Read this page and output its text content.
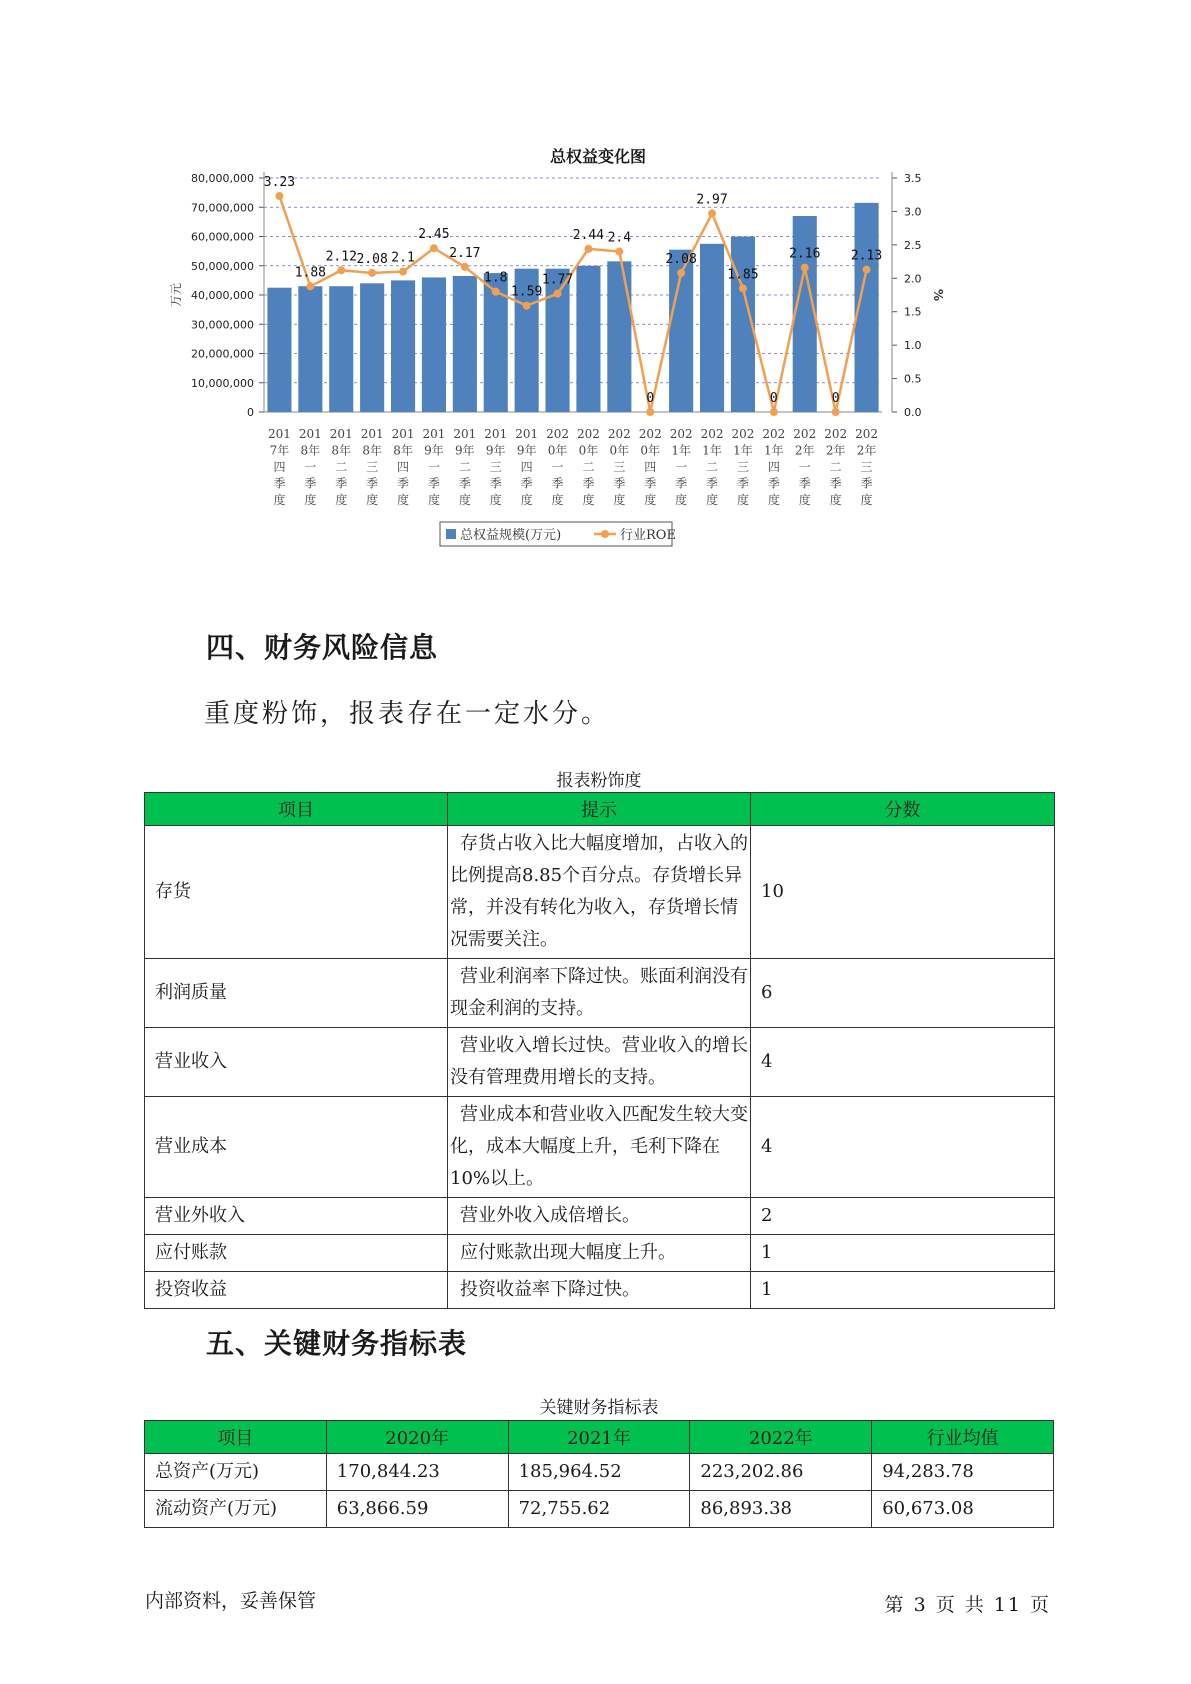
总权益变化图
0
10,000,000
20,000,000
30,000,000
40,000,000
50,000,000
60,000,000
70,000,000
80,000,000
0.0
0.5
1.0
1.5
2.0
2.5
3.0
3.5
万元	%
201
7年
四
季
度
201
8年
一
季
度
201
8年
二
季
度
201
8年
三
季
度
201
8年
四
季
度
201
9年
一
季
度
201
9年
二
季
度
201
9年
三
季
度
201
9年
四
季
度
202
0年
一
季
度
202
0年
二
季
度
202
0年
三
季
度
202
0年
四
季
度
202
1年
一
季
度
202
1年
二
季
度
202
1年
三
季
度
202
1年
四
季
度
202
2年
一
季
度
202
2年
二
季
度
202
2年
三
季
度
3.23
1.88
2.12 2.08 2.1
2.45
2.17
1.8
1.59
1.77
2.44 2.4
0
2.08
2.97
1.85
0
2.16
0
2.13
总权益规模(万元)	行业ROE
四、财务风险信息
重度粉饰，报表存在一定水分。
报表粉饰度
项目	提示	分数
存货	存货占收入比大幅度增加，占收入的比例提高8.85个百分点。存货增长异常，并没有转化为收入，存货增长情况需要关注。	10
利润质量	营业利润率下降过快。账面利润没有现金利润的支持。	6
营业收入	营业收入增长过快。营业收入的增长没有管理费用增长的支持。	4
营业成本	营业成本和营业收入匹配发生较大变化，成本大幅度上升，毛利下降在10%以上。	4
营业外收入	营业外收入成倍增长。	2
应付账款	应付账款出现大幅度上升。	1
投资收益	投资收益率下降过快。	1
五、关键财务指标表
关键财务指标表
项目	2020年	2021年	2022年	行业均值
总资产(万元)	170,844.23	185,964.52	223,202.86	94,283.78
流动资产(万元)	63,866.59	72,755.62	86,893.38	60,673.08
内部资料，妥善保管	第 3 页 共 11 页
